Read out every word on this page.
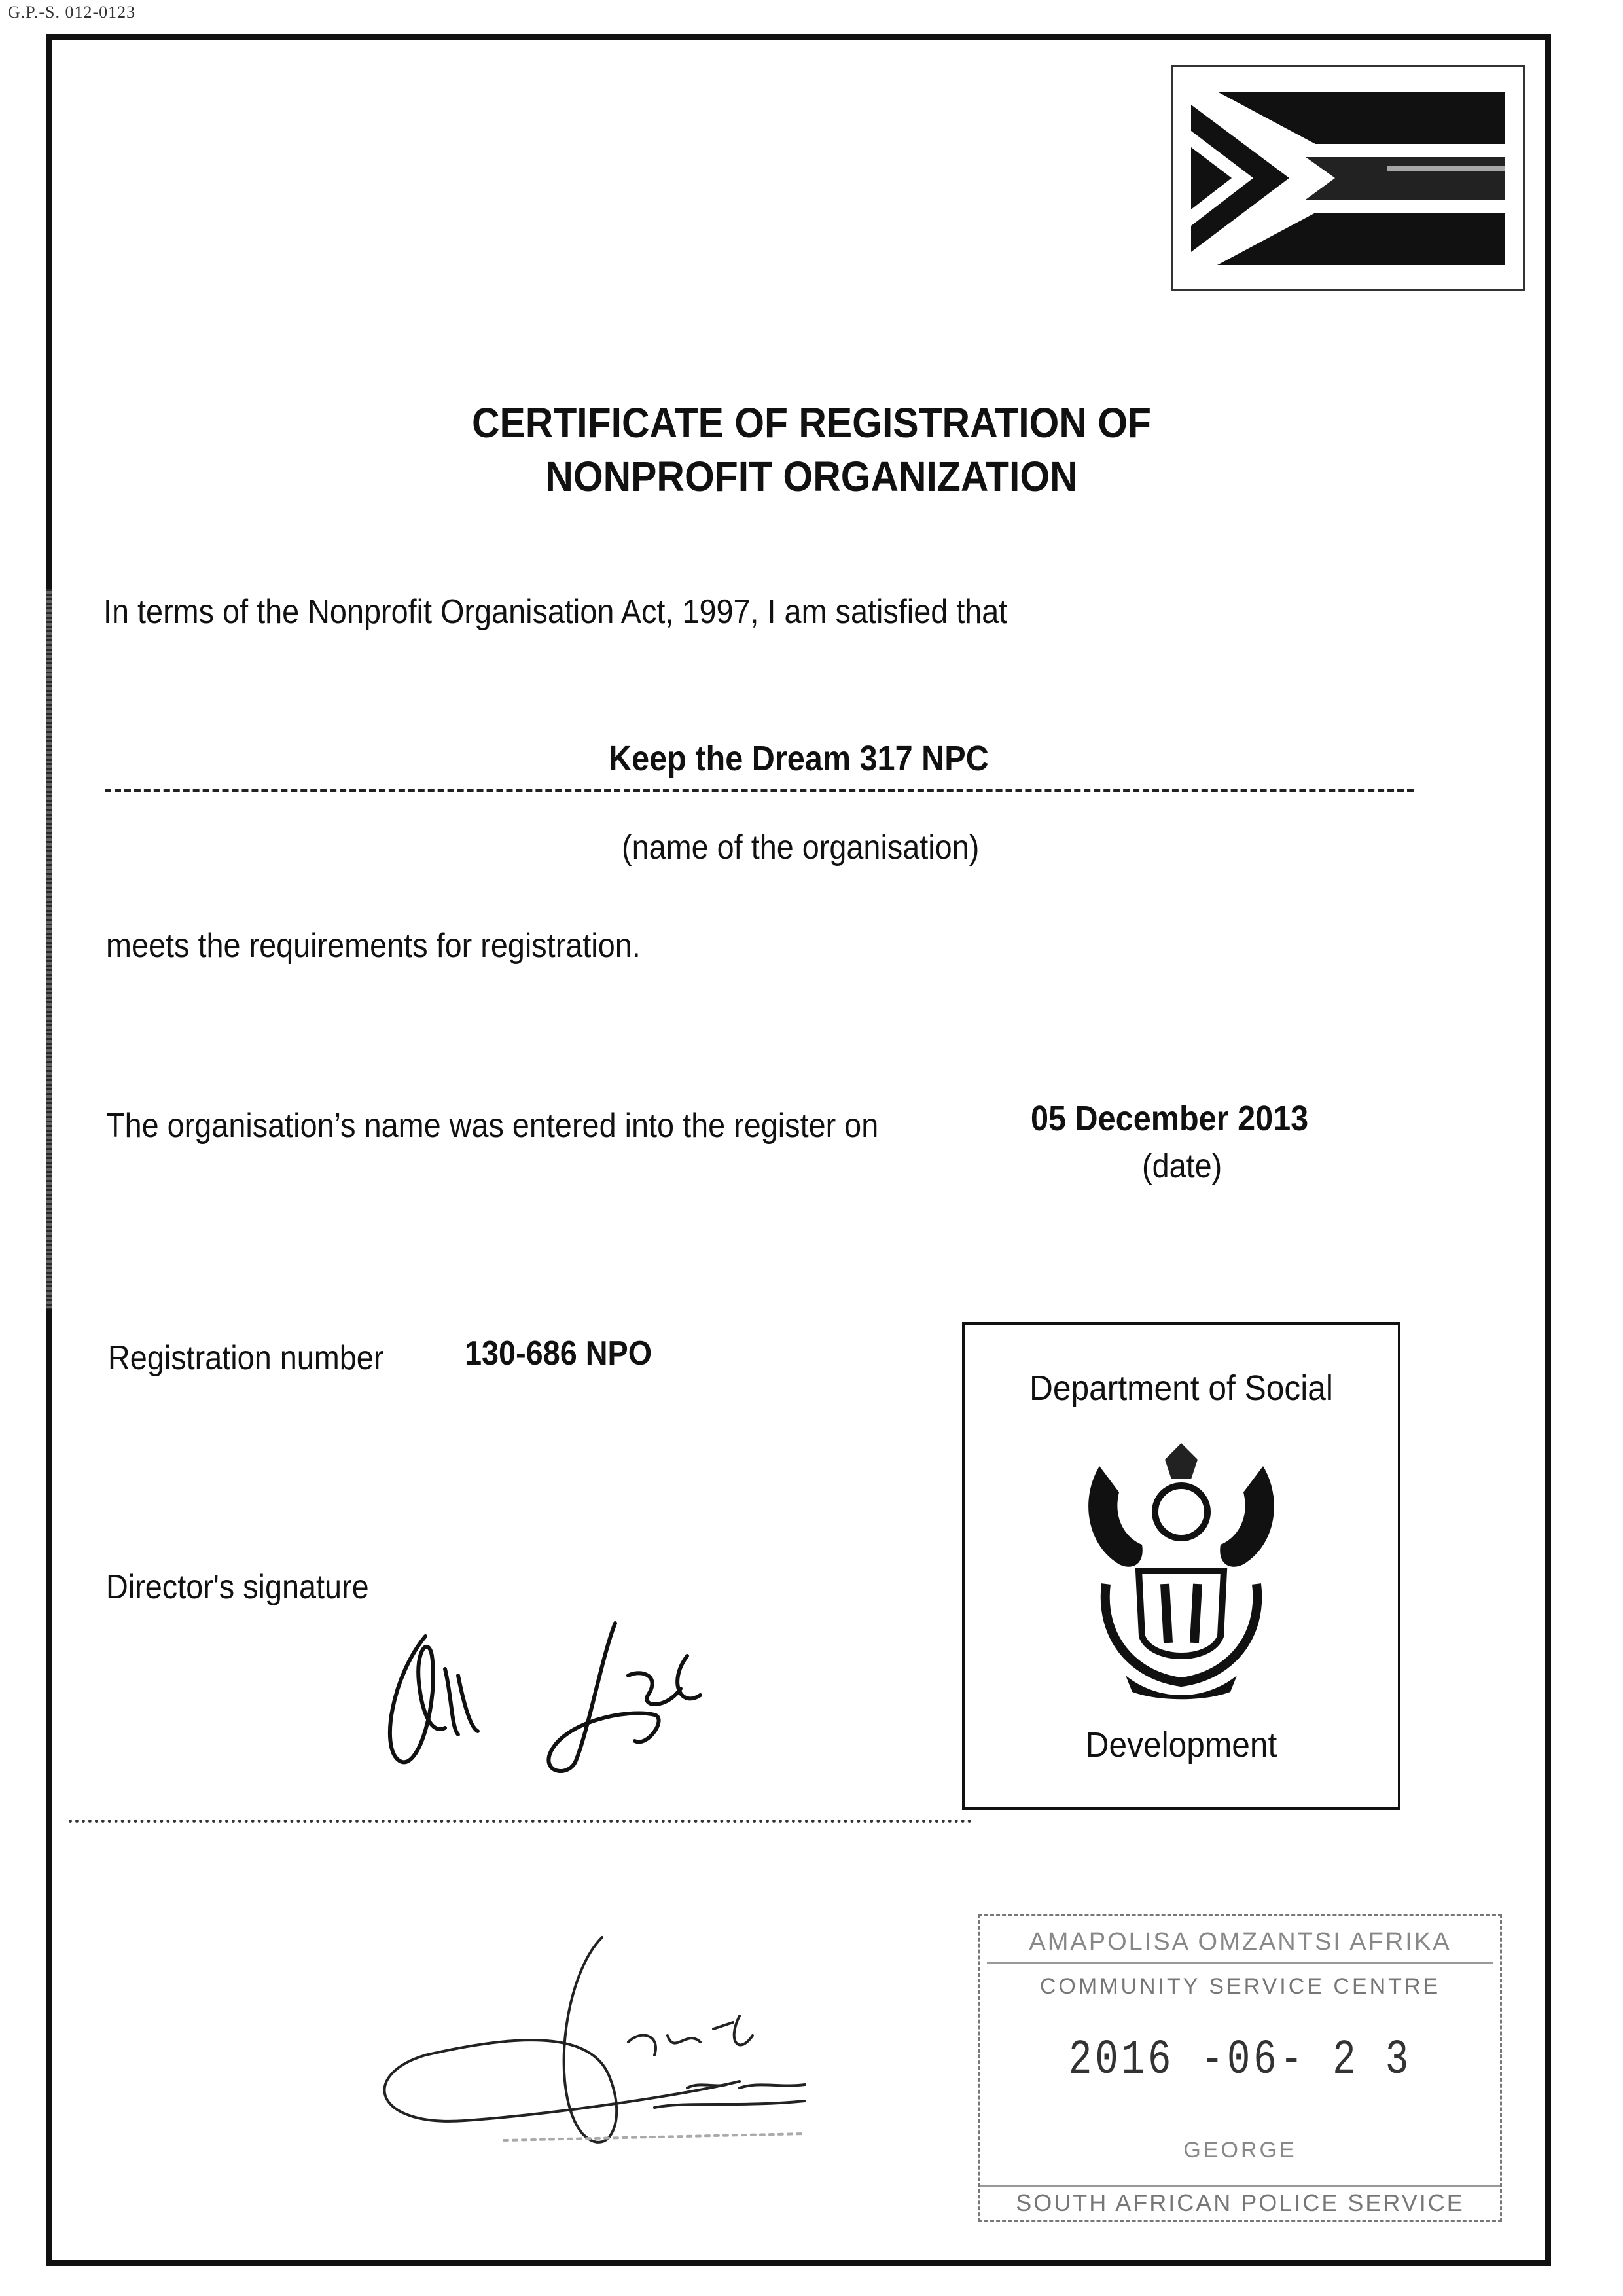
G.P.-S. 012-0123
CERTIFICATE OF REGISTRATION OF
NONPROFIT ORGANIZATION
In terms of the Nonprofit Organisation Act, 1997, I am satisfied that
Keep the Dream 317 NPC
(name of the organisation)
meets the requirements for registration.
The organisation’s name was entered into the register on	05 December 2013
(date)
Registration number 130-686 NPO
Director's signature
Department of Social
Development
AMAPOLISA OMZANTSI AFRIKA
COMMUNITY SERVICE CENTRE
2016 -06- 2 3
GEORGE
SOUTH AFRICAN POLICE SERVICE
